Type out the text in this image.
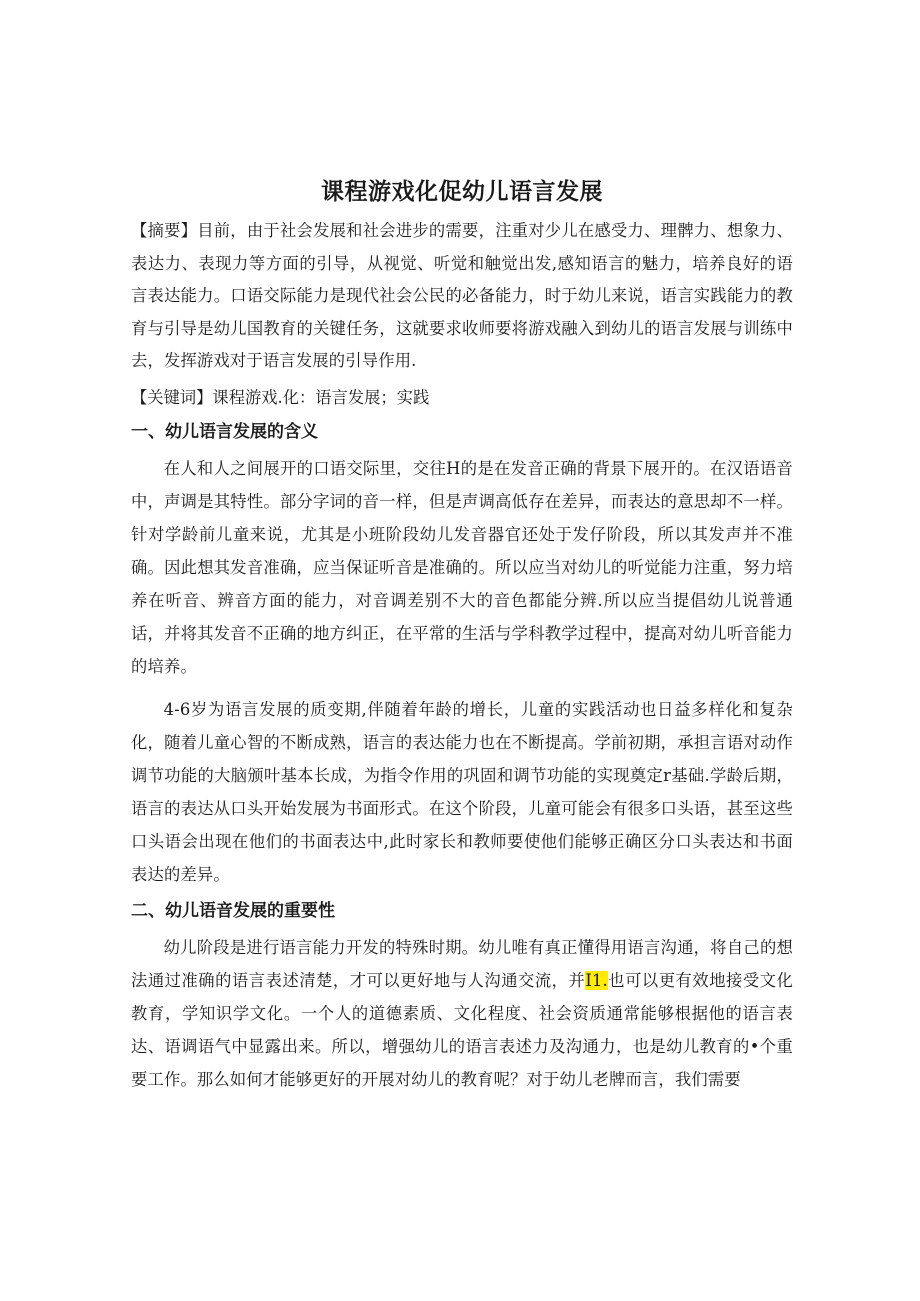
课程游戏化促幼儿语言发展

【摘要】目前，由于社会发展和社会进步的需要，注重对少儿在感受力、理髀力、想象力、表达力、表现力等方面的引导，从视觉、听觉和触觉出发,感知语言的魅力，培养良好的语言表达能力。口语交际能力是现代社会公民的必备能力，时于幼儿来说，语言实践能力的教育与引导是幼儿国教育的关键任务，这就要求收师要将游戏融入到幼儿的语言发展与训练中去，发挥游戏对于语言发展的引导作用.

【关键词】课程游戏.化：语言发展；实践

一、幼儿语言发展的含义

在人和人之间展开的口语交际里，交往H的是在发音正确的背景下展开的。在汉语语音中，声调是其特性。部分字词的音一样，但是声调高低存在差异，而表达的意思却不一样。针对学龄前儿童来说，尤其是小班阶段幼儿发音器官还处于发仔阶段，所以其发声并不准确。因此想其发音准确，应当保证听音是准确的。所以应当对幼儿的听觉能力注重，努力培养在听音、辨音方面的能力，对音调差别不大的音色都能分辨.所以应当提倡幼儿说普通话，并将其发音不正确的地方纠正，在平常的生活与学科教学过程中，提高对幼儿听音能力的培养。

4-6岁为语言发展的质变期,伴随着年龄的增长，儿童的实践活动也日益多样化和复杂化，随着儿童心智的不断成熟，语言的表达能力也在不断提高。学前初期，承担言语对动作调节功能的大脑颁叶基本长成，为指令作用的巩固和调节功能的实现奠定r基础.学龄后期，语言的表达从口头开始发展为书面形式。在这个阶段，儿童可能会有很多口头语，甚至这些口头语会出现在他们的书面表达中,此时家长和教师要使他们能够正确区分口头表达和书面表达的差异。

二、幼儿语音发展的重要性

幼儿阶段是进行语言能力开发的特殊时期。幼儿唯有真正懂得用语言沟通，将自己的想法通过准确的语言表述清楚，才可以更好地与人沟通交流，并I1.也可以更有效地接受文化教育，学知识学文化。一个人的道德素质、文化程度、社会资质通常能够根据他的语言表达、语调语气中显露出来。所以，增强幼儿的语言表述力及沟通力，也是幼儿教育的•个重要工作。那么如何才能够更好的开展对幼儿的教育呢？对于幼儿老牌而言，我们需要
